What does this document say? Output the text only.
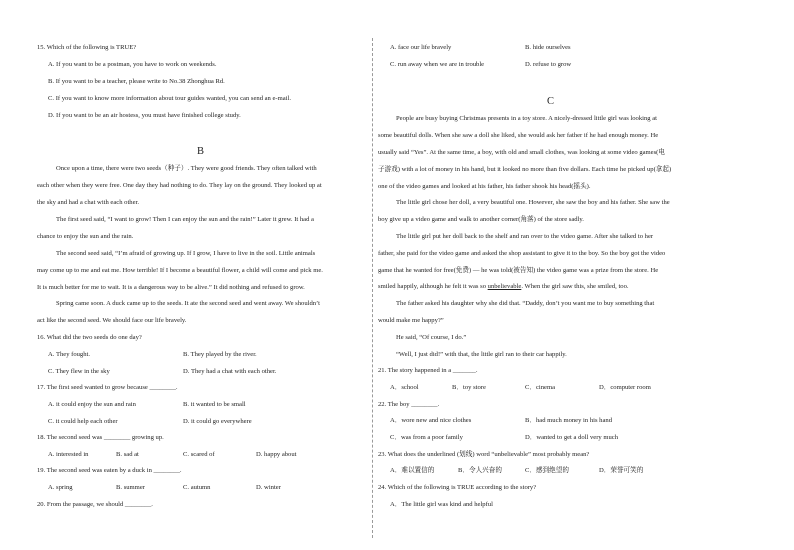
15. Which of the following is TRUE?
A. If you want to be a postman, you have to work on weekends.
B. If you want to be a teacher, please write to No.38 Zhonghua Rd.
C. If you want to know more information about tour guides wanted, you can send an e-mail.
D. If you want to be an air hostess, you must have finished college study.
B
Once upon a time, there were two seeds（种子）. They were good friends. They often talked with
each other when they were free. One day they had nothing to do. They lay on the ground. They looked up at
the sky and had a chat with each other.
The first seed said, “I want to grow! Then I can enjoy the sun and the rain!” Later it grew. It had a
chance to enjoy the sun and the rain.
The second seed said, “I’m afraid of growing up. If I grow, I have to live in the soil. Little animals
may come up to me and eat me. How terrible! If I become a beautiful flower, a child will come and pick me.
It is much better for me to wait. It is a dangerous way to be alive.” It did nothing and refused to grow.
Spring came soon. A duck came up to the seeds. It ate the second seed and went away. We shouldn’t
act like the second seed. We should face our life bravely.
16. What did the two seeds do one day?
A. They fought.	B. They played by the river.
C. They flew in the sky	D. They had a chat with each other.
17. The first seed wanted to grow because ________.
A. it could enjoy the sun and rain	B. it wanted to be small
C. it could help each other	D. it could go everywhere
18. The second seed was ________ growing up.
A. interested in	B. sad at	C. scared of	D. happy about
19. The second seed was eaten by a duck in ________.
A. spring	B. summer	C. autumn	D. winter
20. From the passage, we should ________.
A. face our life bravely	B. hide ourselves
C. run away when we are in trouble	D. refuse to grow
C
People are busy buying Christmas presents in a toy store. A nicely-dressed little girl was looking at
some beautiful dolls. When she saw a doll she liked, she would ask her father if he had enough money. He
usually said “Yes”. At the same time, a boy, with old and small clothes, was looking at some video games(电
子游戏) with a lot of money in his hand, but it looked no more than five dollars. Each time he picked up(拿起)
one of the video games and looked at his father, his father shook his head(摇头).
The little girl chose her doll, a very beautiful one. However, she saw the boy and his father. She saw the
boy give up a video game and walk to another corner(角落) of the store sadly.
The little girl put her doll back to the shelf and ran over to the video game. After she talked to her
father, she paid for the video game and asked the shop assistant to give it to the boy. So the boy got the video
game that he wanted for free(免费) — he was told(被告知) the video game was a prize from the store. He
smiled happily, although he felt it was so unbelievable. When the girl saw this, she smiled, too.
The father asked his daughter why she did that. “Daddy, don’t you want me to buy something that
would make me happy?”
He said, “Of course, I do.”
“Well, I just did!” with that, the little girl ran to their car happily.
21. The story happened in a _______.
A．school	B．toy store	C．cinema	D．computer room
22. The boy ________.
A．wore new and nice clothes	B．had much money in his hand
C．was from a poor family	D．wanted to get a doll very much
23. What does the underlined (划线) word “unbelievable” most probably mean?
A．难以置信的	B．令人兴奋的	C．感到绝望的	D．荣誉可笑的
24. Which of the following is TRUE according to the story?
A．The little girl was kind and helpful
